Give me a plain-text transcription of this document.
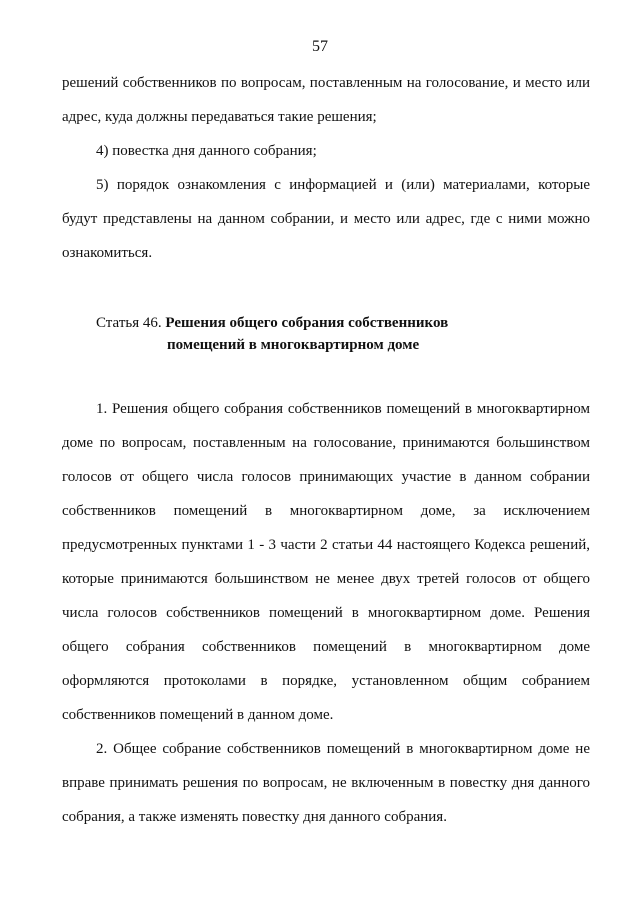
57

решений собственников по вопросам, поставленным на голосование, и место или адрес, куда должны передаваться такие решения;

4) повестка дня данного собрания;

5) порядок ознакомления с информацией и (или) материалами, которые будут представлены на данном собрании, и место или адрес, где с ними можно ознакомиться.

Статья 46. Решения общего собрания собственников
помещений в многоквартирном доме

1. Решения общего собрания собственников помещений в многоквартирном доме по вопросам, поставленным на голосование, принимаются большинством голосов от общего числа голосов принимающих участие в данном собрании собственников помещений в многоквартирном доме, за исключением предусмотренных пунктами 1 - 3 части 2 статьи 44 настоящего Кодекса решений, которые принимаются большинством не менее двух третей голосов от общего числа голосов собственников помещений в многоквартирном доме. Решения общего собрания собственников помещений в многоквартирном доме оформляются протоколами в порядке, установленном общим собранием собственников помещений в данном доме.

2. Общее собрание собственников помещений в многоквартирном доме не вправе принимать решения по вопросам, не включенным в повестку дня данного собрания, а также изменять повестку дня данного собрания.
